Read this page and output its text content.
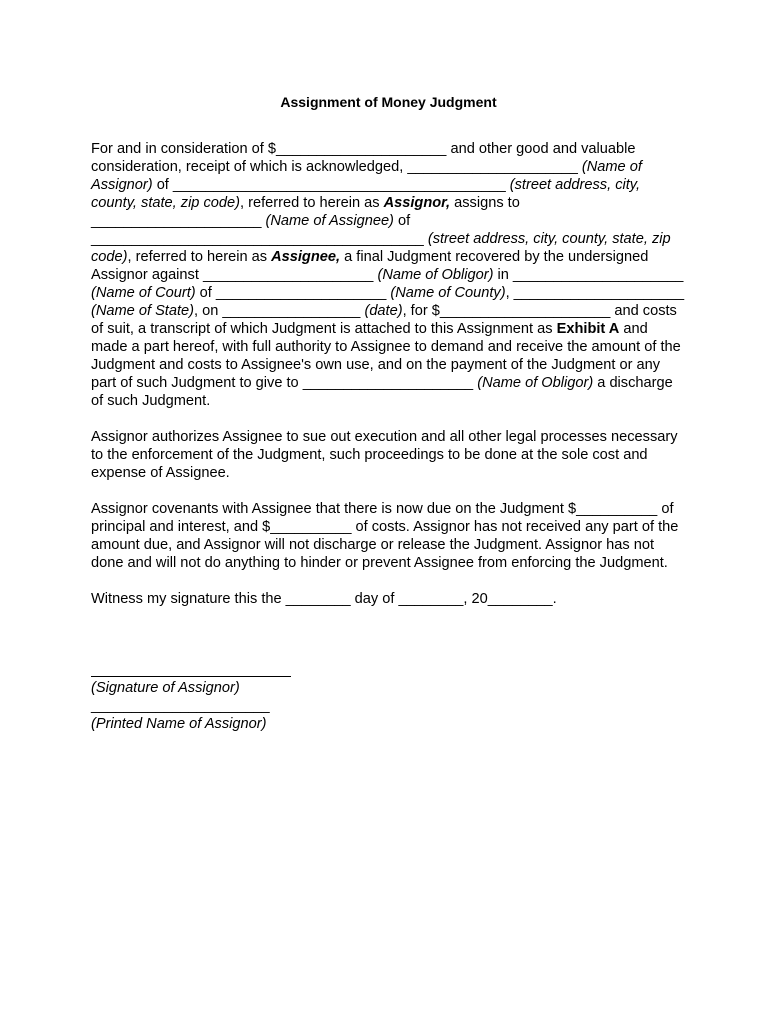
Assignment of Money Judgment

For and in consideration of $_____________________ and other good and valuable consideration, receipt of which is acknowledged, _____________________ (Name of Assignor) of _________________________________________ (street address, city, county, state, zip code), referred to herein as Assignor, assigns to _____________________ (Name of Assignee) of _________________________________________ (street address, city, county, state, zip code), referred to herein as Assignee, a final Judgment recovered by the undersigned Assignor against _____________________ (Name of Obligor) in _____________________ (Name of Court) of _____________________ (Name of County), _____________________ (Name of State), on _________________ (date), for $_____________________ and costs of suit, a transcript of which Judgment is attached to this Assignment as Exhibit A and made a part hereof, with full authority to Assignee to demand and receive the amount of the Judgment and costs to Assignee's own use, and on the payment of the Judgment or any part of such Judgment to give to _____________________ (Name of Obligor) a discharge of such Judgment.

Assignor authorizes Assignee to sue out execution and all other legal processes necessary to the enforcement of the Judgment, such proceedings to be done at the sole cost and expense of Assignee.

Assignor covenants with Assignee that there is now due on the Judgment $__________ of principal and interest, and $__________ of costs. Assignor has not received any part of the amount due, and Assignor will not discharge or release the Judgment. Assignor has not done and will not do anything to hinder or prevent Assignee from enforcing the Judgment.

Witness my signature this the ________ day of ________, 20________.

(Signature of Assignor)
______________________
(Printed Name of Assignor)
